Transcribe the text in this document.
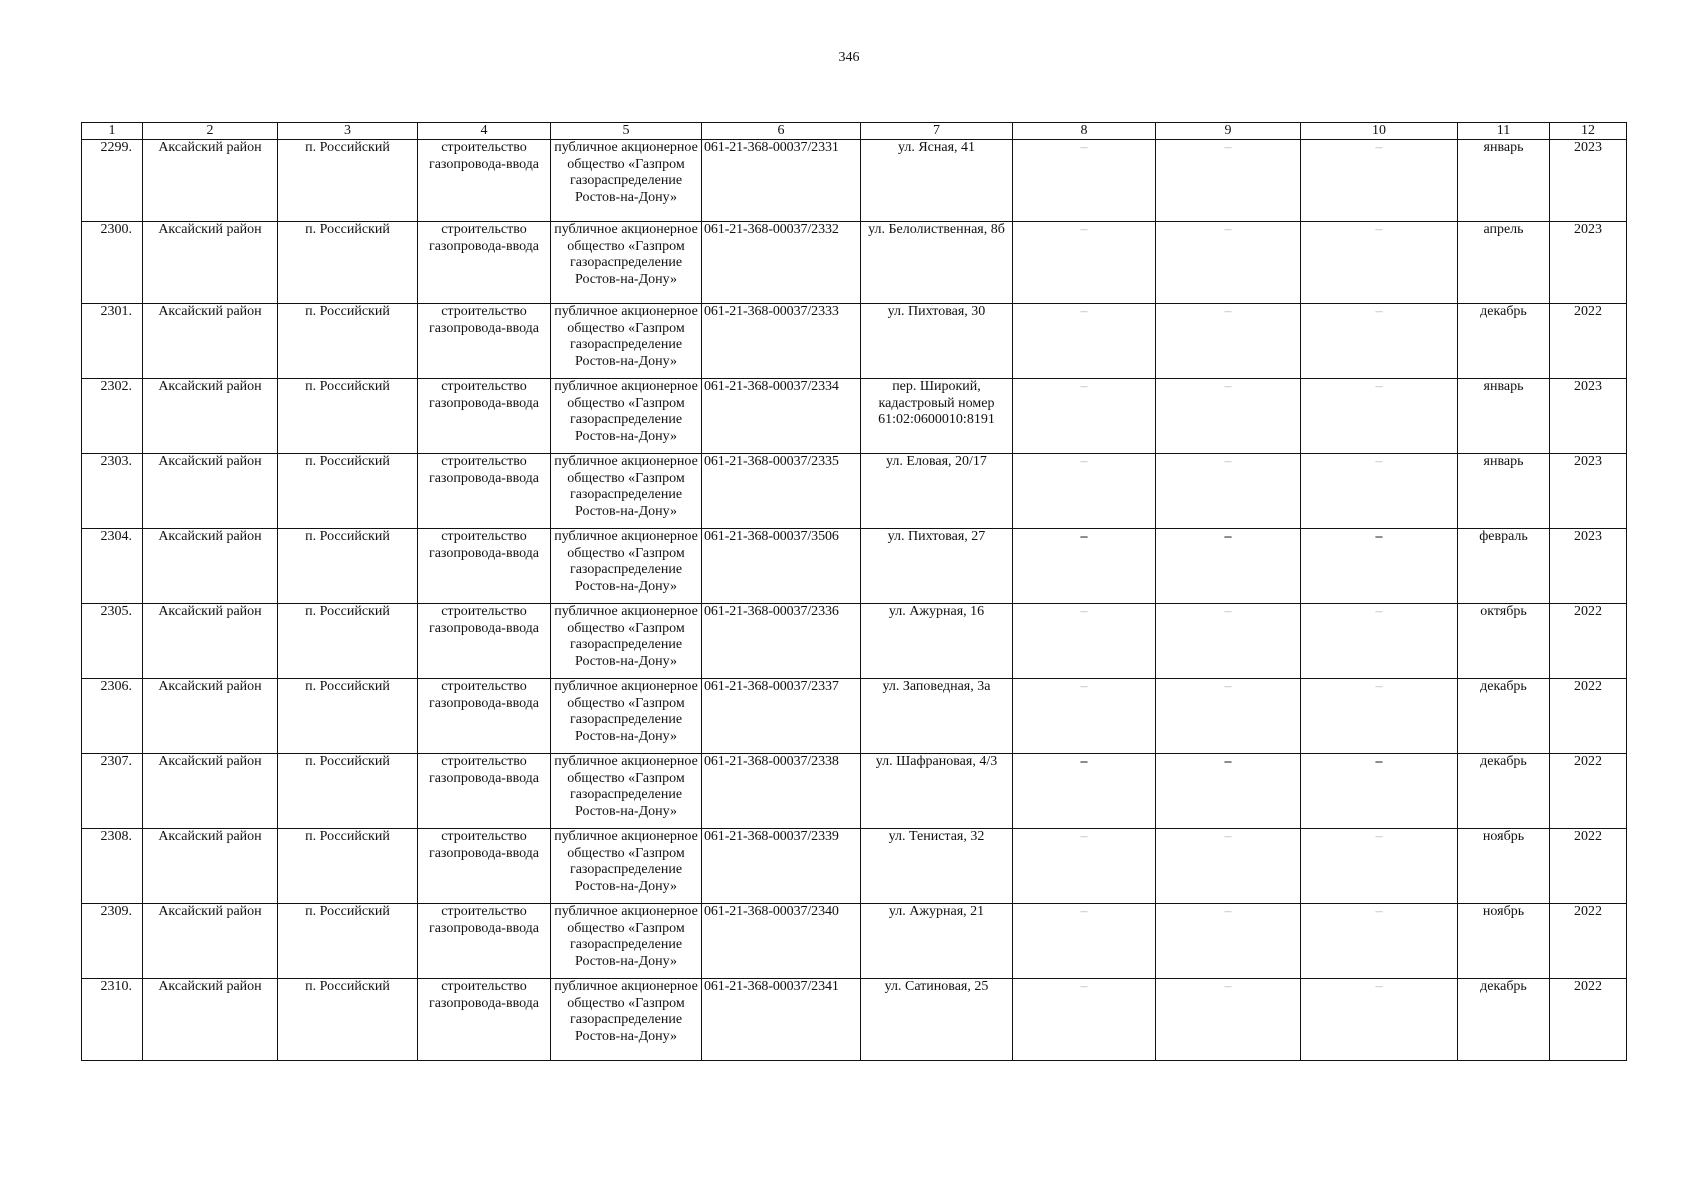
346
1	2	3	4	5	6	7	8	9	10	11	12
2299.	Аксайский район	п. Российский	строительство газопровода-ввода	публичное акционерное общество «Газпром газораспределение Ростов-на-Дону»	061-21-368-00037/2331	ул. Ясная, 41	–	–	–	январь	2023
2300.	Аксайский район	п. Российский	строительство газопровода-ввода	публичное акционерное общество «Газпром газораспределение Ростов-на-Дону»	061-21-368-00037/2332	ул. Белолиственная, 8б	–	–	–	апрель	2023
2301.	Аксайский район	п. Российский	строительство газопровода-ввода	публичное акционерное общество «Газпром газораспределение Ростов-на-Дону»	061-21-368-00037/2333	ул. Пихтовая, 30	–	–	–	декабрь	2022
2302.	Аксайский район	п. Российский	строительство газопровода-ввода	публичное акционерное общество «Газпром газораспределение Ростов-на-Дону»	061-21-368-00037/2334	пер. Широкий, кадастровый номер 61:02:0600010:8191	–	–	–	январь	2023
2303.	Аксайский район	п. Российский	строительство газопровода-ввода	публичное акционерное общество «Газпром газораспределение Ростов-на-Дону»	061-21-368-00037/2335	ул. Еловая, 20/17	–	–	–	январь	2023
2304.	Аксайский район	п. Российский	строительство газопровода-ввода	публичное акционерное общество «Газпром газораспределение Ростов-на-Дону»	061-21-368-00037/3506	ул. Пихтовая, 27	–	–	–	февраль	2023
2305.	Аксайский район	п. Российский	строительство газопровода-ввода	публичное акционерное общество «Газпром газораспределение Ростов-на-Дону»	061-21-368-00037/2336	ул. Ажурная, 16	–	–	–	октябрь	2022
2306.	Аксайский район	п. Российский	строительство газопровода-ввода	публичное акционерное общество «Газпром газораспределение Ростов-на-Дону»	061-21-368-00037/2337	ул. Заповедная, 3а	–	–	–	декабрь	2022
2307.	Аксайский район	п. Российский	строительство газопровода-ввода	публичное акционерное общество «Газпром газораспределение Ростов-на-Дону»	061-21-368-00037/2338	ул. Шафрановая, 4/3	–	–	–	декабрь	2022
2308.	Аксайский район	п. Российский	строительство газопровода-ввода	публичное акционерное общество «Газпром газораспределение Ростов-на-Дону»	061-21-368-00037/2339	ул. Тенистая, 32	–	–	–	ноябрь	2022
2309.	Аксайский район	п. Российский	строительство газопровода-ввода	публичное акционерное общество «Газпром газораспределение Ростов-на-Дону»	061-21-368-00037/2340	ул. Ажурная, 21	–	–	–	ноябрь	2022
2310.	Аксайский район	п. Российский	строительство газопровода-ввода	публичное акционерное общество «Газпром газораспределение Ростов-на-Дону»	061-21-368-00037/2341	ул. Сатиновая, 25	–	–	–	декабрь	2022
